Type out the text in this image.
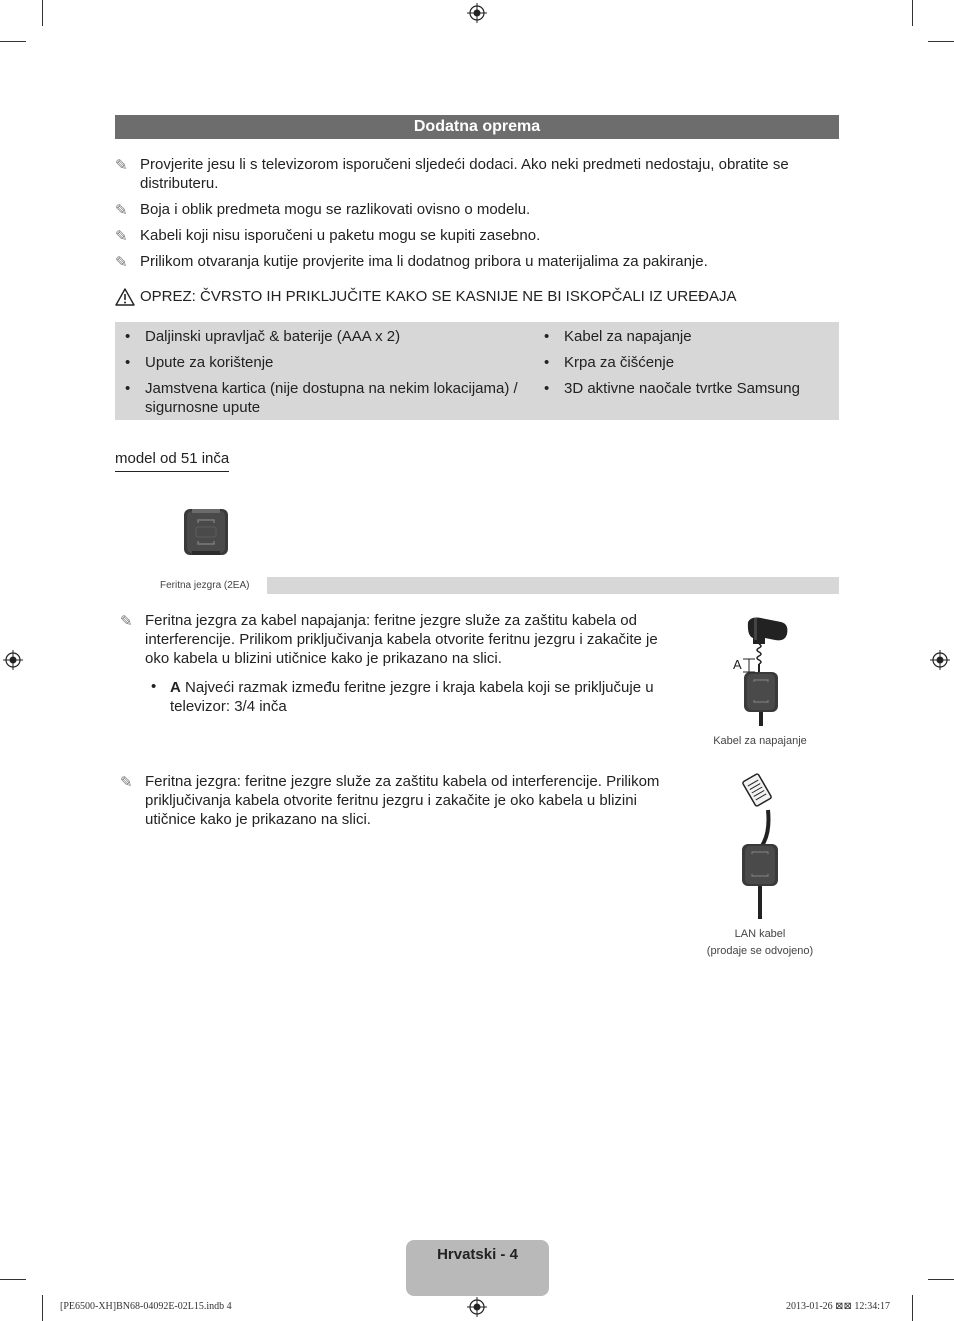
Dodatna oprema
✎ Provjerite jesu li s televizorom isporučeni sljedeći dodaci. Ako neki predmeti nedostaju, obratite se distributeru.
✎ Boja i oblik predmeta mogu se razlikovati ovisno o modelu.
✎ Kabeli koji nisu isporučeni u paketu mogu se kupiti zasebno.
✎ Prilikom otvaranja kutije provjerite ima li dodatnog pribora u materijalima za pakiranje.
OPREZ: ČVRSTO IH PRIKLJUČITE KAKO SE KASNIJE NE BI ISKOPČALI IZ UREĐAJA
• Daljinski upravljač & baterije (AAA x 2)
• Upute za korištenje
• Jamstvena kartica (nije dostupna na nekim lokacijama) / sigurnosne upute
• Kabel za napajanje
• Krpa za čišćenje
• 3D aktivne naočale tvrtke Samsung
model od 51 inča
Feritna jezgra (2EA)
✎ Feritna jezgra za kabel napajanja: feritne jezgre služe za zaštitu kabela od interferencije. Prilikom priključivanja kabela otvorite feritnu jezgru i zakačite je oko kabela u blizini utičnice kako je prikazano na slici.
• A Najveći razmak između feritne jezgre i kraja kabela koji se priključuje u televizor: 3/4 inča
A
Kabel za napajanje
✎ Feritna jezgra: feritne jezgre služe za zaštitu kabela od interferencije. Prilikom priključivanja kabela otvorite feritnu jezgru i zakačite je oko kabela u blizini utičnice kako je prikazano na slici.
LAN kabel
(prodaje se odvojeno)
Hrvatski - 4
[PE6500-XH]BN68-04092E-02L15.indb 4	2013-01-26 ⊠⊠ 12:34:17
